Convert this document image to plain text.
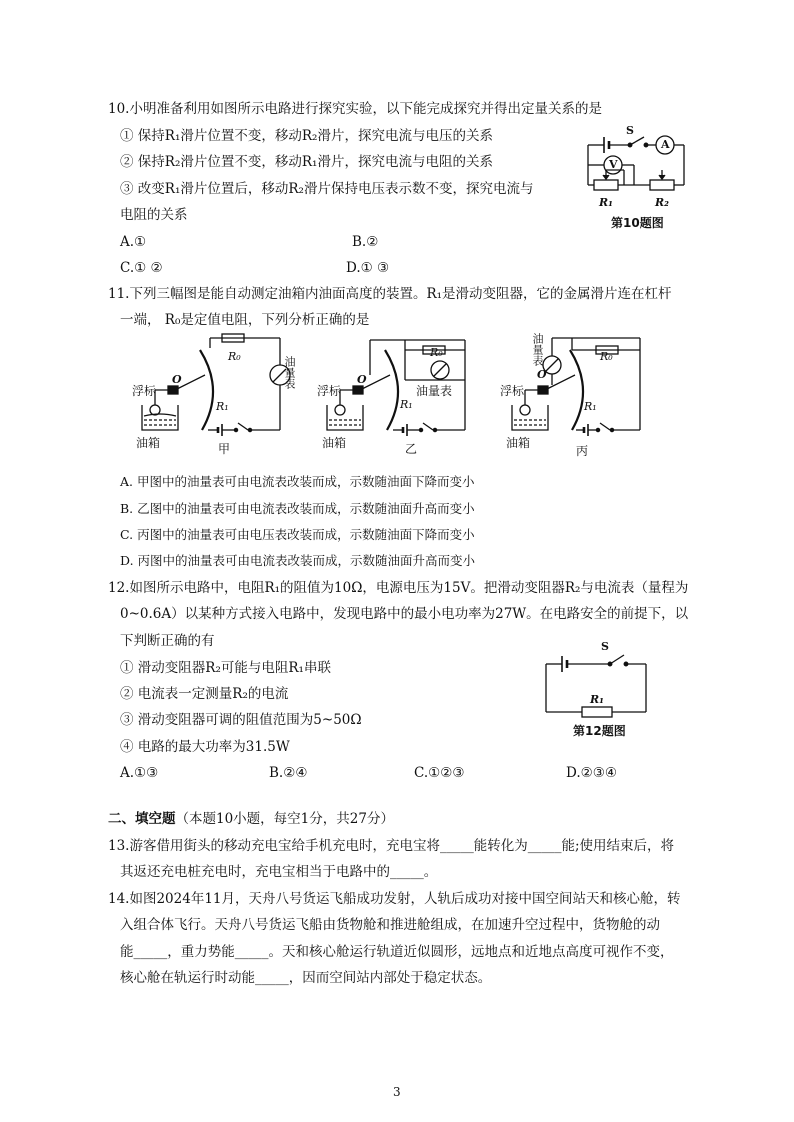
10.小明准备利用如图所示电路进行探究实验，以下能完成探究并得出定量关系的是
① 保持R₁滑片位置不变，移动R₂滑片，探究电流与电压的关系
② 保持R₂滑片位置不变，移动R₁滑片，探究电流与电阻的关系
③ 改变R₁滑片位置后，移动R₂滑片保持电压表示数不变，探究电流与
电阻的关系
A.①	B.②
C.① ②	D.① ③
S
A
V
R₁	R₂
第10题图
11.下列三幅图是能自动测定油箱内油面高度的装置。R₁是滑动变阻器，它的金属滑片连在杠杆
一端， R₀是定值电阻，下列分析正确的是
浮标
油箱
O
R₀
R₁
油量表
甲
浮标
油箱
O
R₀
R₁
油量表
乙
浮标
油箱
O
R₀
R₁
油量表
丙
A. 甲图中的油量表可由电流表改装而成，示数随油面下降而变小
B. 乙图中的油量表可由电流表改装而成，示数随油面升高而变小
C. 丙图中的油量表可由电压表改装而成，示数随油面下降而变小
D. 丙图中的油量表可由电流表改装而成，示数随油面升高而变小
12.如图所示电路中，电阻R₁的阻值为10Ω，电源电压为15V。把滑动变阻器R₂与电流表（量程为
0~0.6A）以某种方式接入电路中，发现电路中的最小电功率为27W。在电路安全的前提下，以
下判断正确的有
① 滑动变阻器R₂可能与电阻R₁串联
② 电流表一定测量R₂的电流
③ 滑动变阻器可调的阻值范围为5~50Ω
④ 电路的最大功率为31.5W
A.①③	B.②④	C.①②③	D.②③④
S
R₁
第12题图
二、填空题（本题10小题，每空1分，共27分）
13.游客借用街头的移动充电宝给手机充电时，充电宝将_____能转化为_____能;使用结束后，将
其返还充电桩充电时，充电宝相当于电路中的_____。
14.如图2024年11月，天舟八号货运飞船成功发射，人轨后成功对接中国空间站天和核心舱，转
入组合体飞行。天舟八号货运飞船由货物舱和推进舱组成，在加速升空过程中，货物舱的动
能_____，重力势能_____。天和核心舱运行轨道近似圆形，远地点和近地点高度可视作不变，
核心舱在轨运行时动能_____，因而空间站内部处于稳定状态。
3
